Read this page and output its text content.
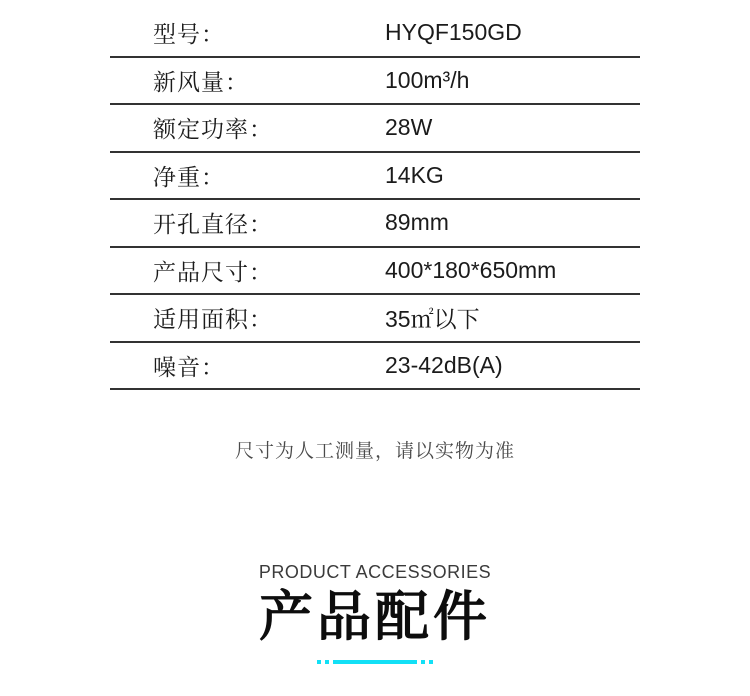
型号：	HYQF150GD
新风量：	100m³/h
额定功率：	28W
净重：	14KG
开孔直径：	89mm
产品尺寸：	400*180*650mm
适用面积：	35㎡以下
噪音：	23-42dB(A)
尺寸为人工测量，请以实物为准
PRODUCT ACCESSORIES
产品配件
